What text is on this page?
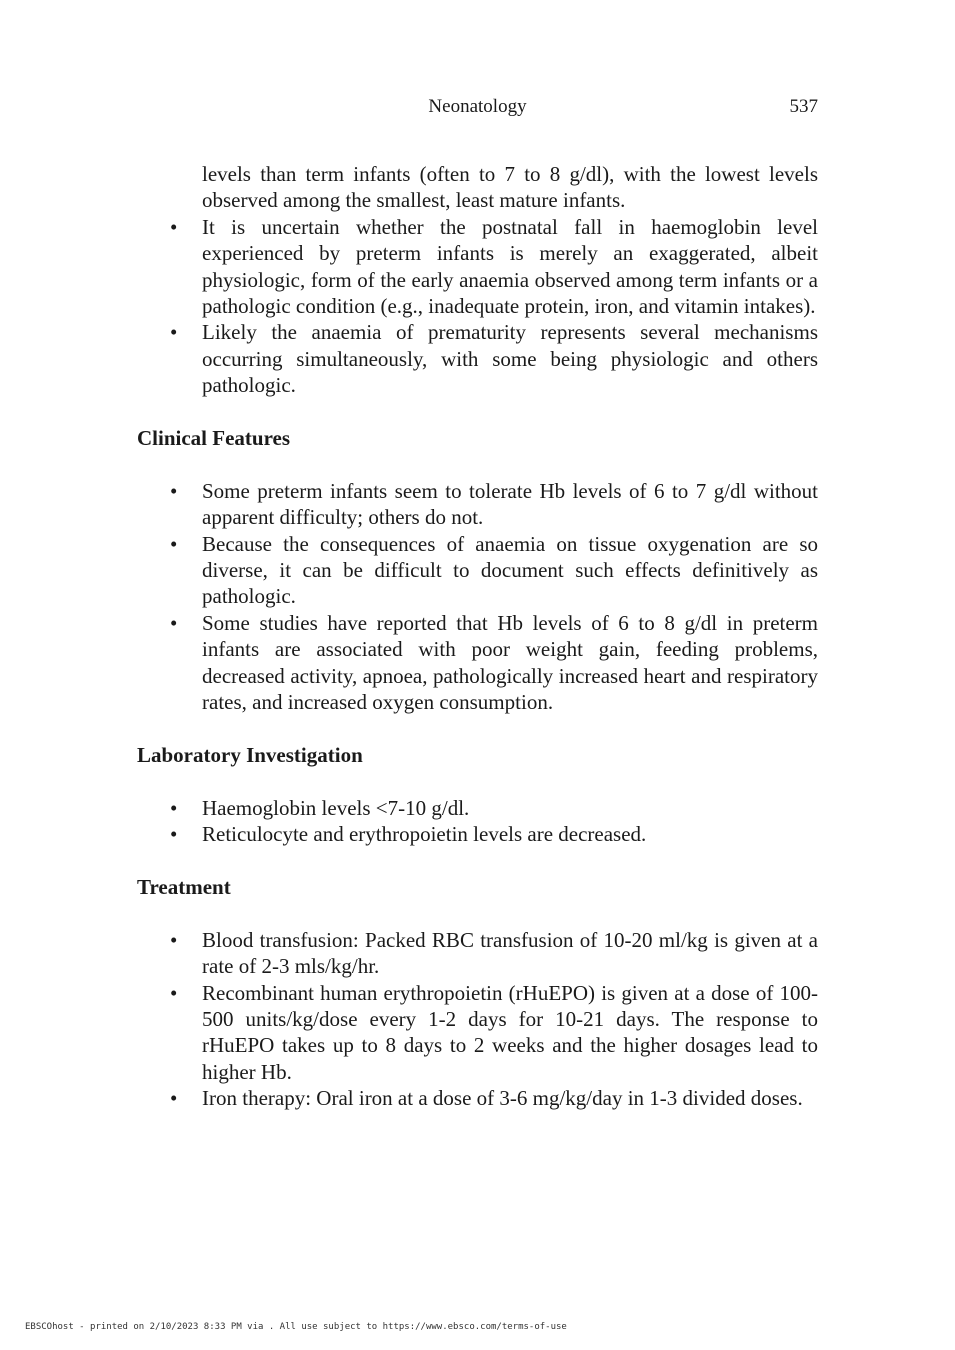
Neonatology	537

levels than term infants (often to 7 to 8 g/dl), with the lowest levels observed among the smallest, least mature infants.

• It is uncertain whether the postnatal fall in haemoglobin level experienced by preterm infants is merely an exaggerated, albeit physiologic, form of the early anaemia observed among term infants or a pathologic condition (e.g., inadequate protein, iron, and vitamin intakes).
• Likely the anaemia of prematurity represents several mechanisms occurring simultaneously, with some being physiologic and others pathologic.
Clinical Features
• Some preterm infants seem to tolerate Hb levels of 6 to 7 g/dl without apparent difficulty; others do not.
• Because the consequences of anaemia on tissue oxygenation are so diverse, it can be difficult to document such effects definitively as pathologic.
• Some studies have reported that Hb levels of 6 to 8 g/dl in preterm infants are associated with poor weight gain, feeding problems, decreased activity, apnoea, pathologically increased heart and respiratory rates, and increased oxygen consumption.
Laboratory Investigation
• Haemoglobin levels <7-10 g/dl.
• Reticulocyte and erythropoietin levels are decreased.
Treatment
• Blood transfusion: Packed RBC transfusion of 10-20 ml/kg is given at a rate of 2-3 mls/kg/hr.
• Recombinant human erythropoietin (rHuEPO) is given at a dose of 100-500 units/kg/dose every 1-2 days for 10-21 days. The response to rHuEPO takes up to 8 days to 2 weeks and the higher dosages lead to higher Hb.
• Iron therapy: Oral iron at a dose of 3-6 mg/kg/day in 1-3 divided doses.
EBSCOhost - printed on 2/10/2023 8:33 PM via . All use subject to https://www.ebsco.com/terms-of-use
